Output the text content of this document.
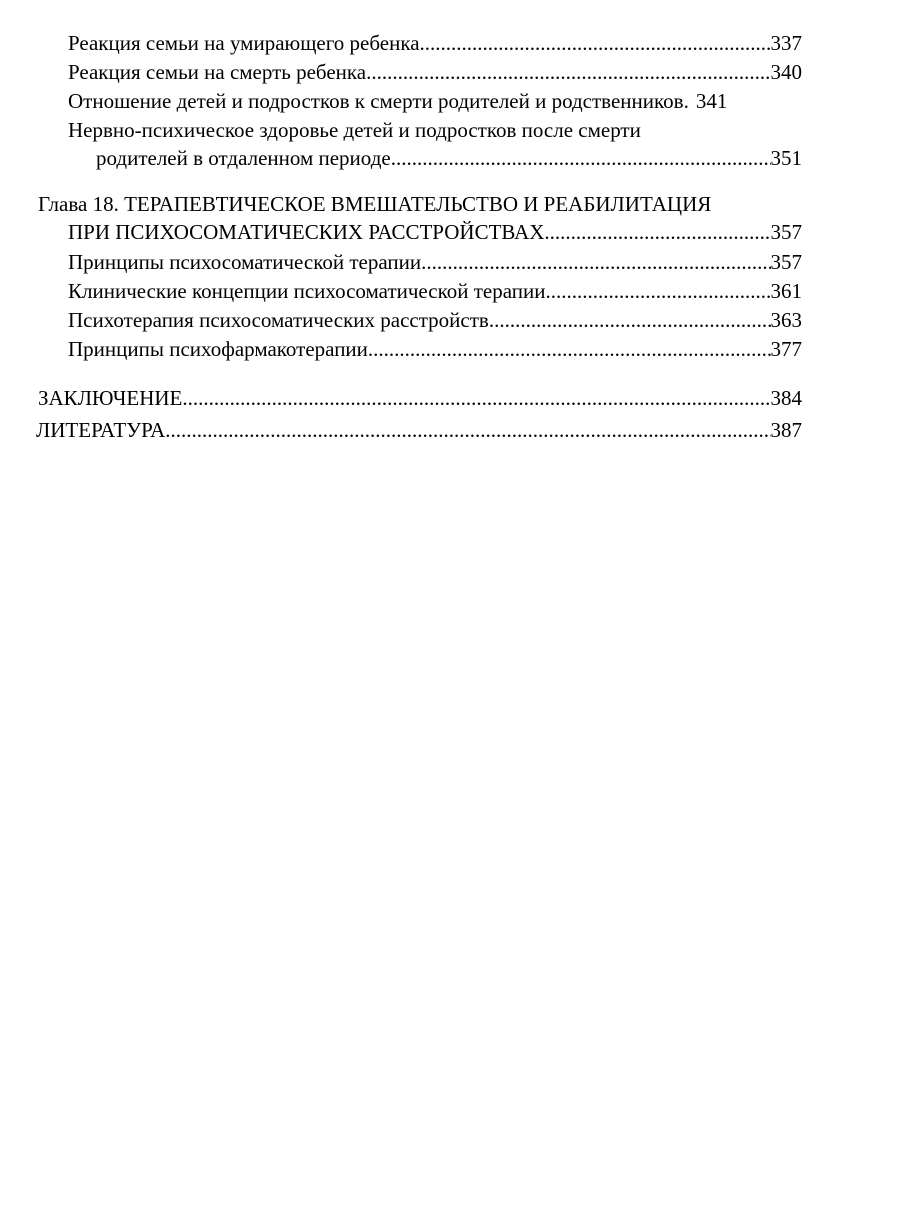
Реакция семьи на умирающего ребенка .....	337
Реакция семьи на смерть ребенка .....	340
Отношение детей и подростков к смерти родителей и родственников. 341
Нервно-психическое здоровье детей и подростков после смерти
родителей в отдаленном периоде .....	351
Глава 18. ТЕРАПЕВТИЧЕСКОЕ ВМЕШАТЕЛЬСТВО И РЕАБИЛИТАЦИЯ
ПРИ ПСИХОСОМАТИЧЕСКИХ РАССТРОЙСТВАХ .....	357
Принципы психосоматической терапии .....	357
Клинические концепции психосоматической терапии .....	361
Психотерапия психосоматических расстройств .....	363
Принципы психофармакотерапии .....	377
ЗАКЛЮЧЕНИЕ .....	384
ЛИТЕРАТУРА .....	387
